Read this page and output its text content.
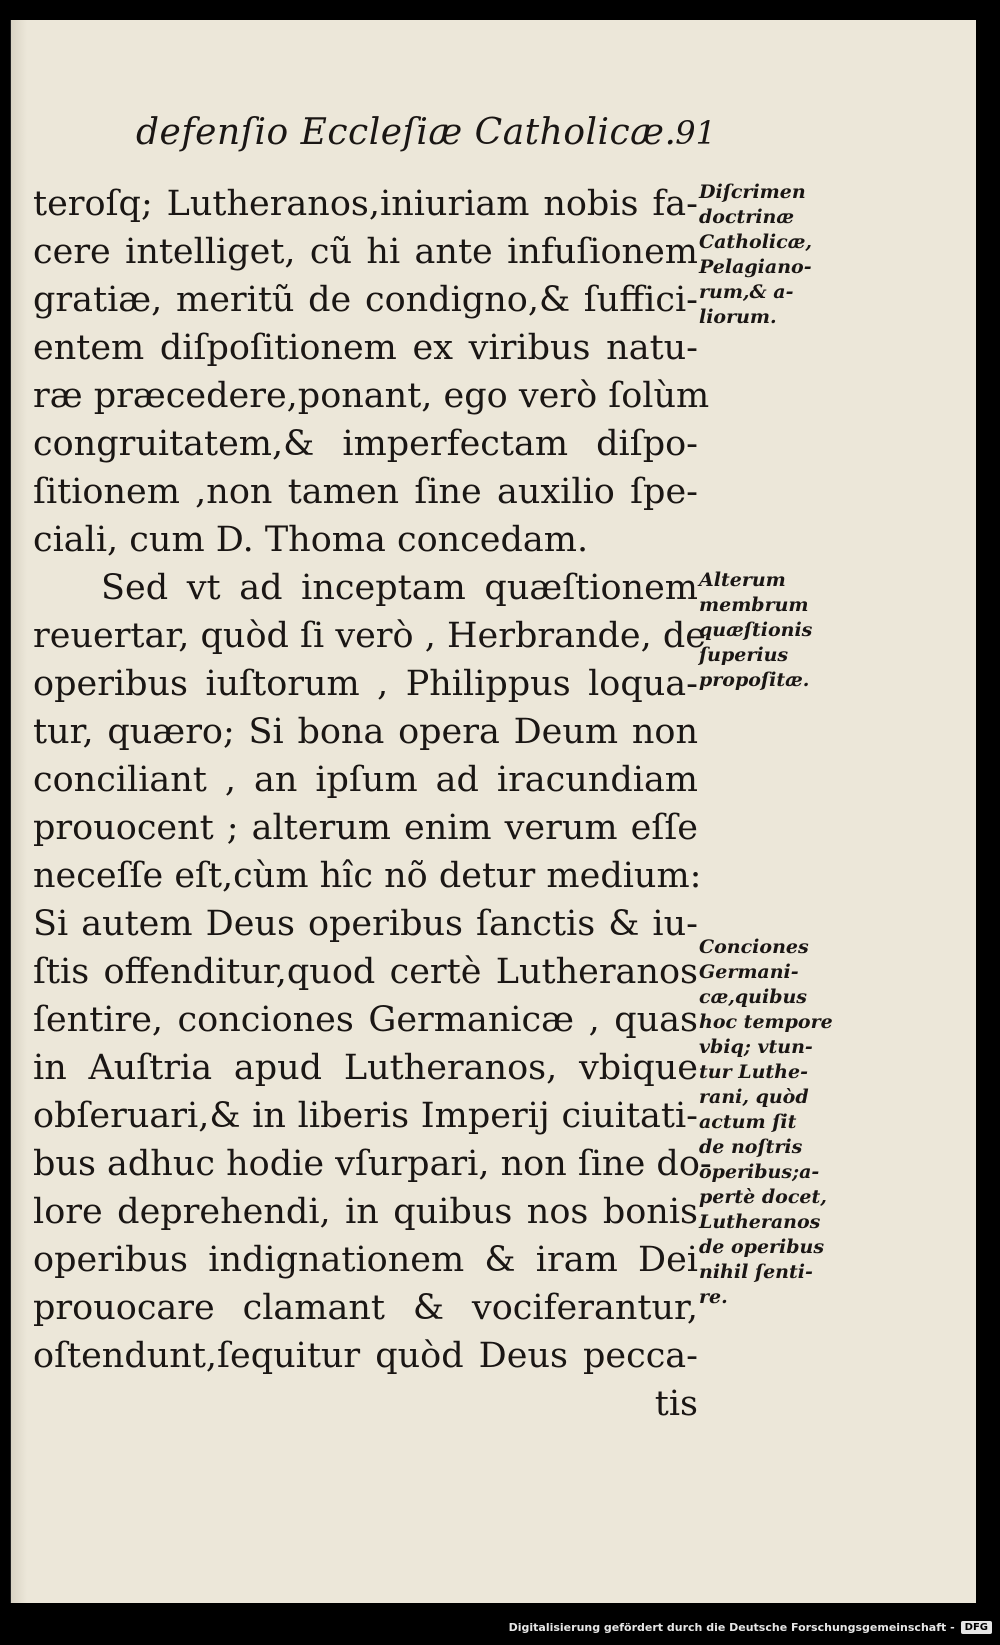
defenſio Eccleſiæ Catholicæ.
91
teroſq; Lutheranos,iniuriam nobis fa-
cere intelliget, cũ hi ante infuſionem
gratiæ, meritũ de condigno,& ſuffici-
entem diſpoſitionem ex viribus natu-
ræ præcedere,ponant, ego verò ſolùm
congruitatem,& imperfectam diſpo-
ſitionem ,non tamen ſine auxilio ſpe-
ciali, cum D. Thoma concedam.
Sed vt ad inceptam quæſtionem
reuertar, quòd ſi verò , Herbrande, de
operibus iuſtorum , Philippus loqua-
tur, quæro; Si bona opera Deum non
conciliant , an ipſum ad iracundiam
prouocent ; alterum enim verum eſſe
neceſſe eſt,cùm hîc nõ detur medium:
Si autem Deus operibus ſanctis & iu-
ſtis offenditur,quod certè Lutheranos
ſentire, conciones Germanicæ , quas
in Auſtria apud Lutheranos, vbique
obſeruari,& in liberis Imperij ciuitati-
bus adhuc hodie vſurpari, non ſine do-
lore deprehendi, in quibus nos bonis
operibus indignationem & iram Dei
prouocare clamant & vociferantur,
oſtendunt,ſequitur quòd Deus pecca-
tis
Diſcrimen
doctrinæ
Catholicæ,
Pelagiano-
rum,& a-
liorum.
Alterum
membrum
quæſtionis
ſuperius
propoſitæ.
Conciones
Germani-
cæ,quibus
hoc tempore
vbiq; vtun-
tur Luthe-
rani, quòd
actum ſit
de noſtris
operibus;a-
pertè docet,
Lutheranos
de operibus
nihil ſenti-
re.
Digitalisierung gefördert durch die Deutsche Forschungsgemeinschaft -	DFG
